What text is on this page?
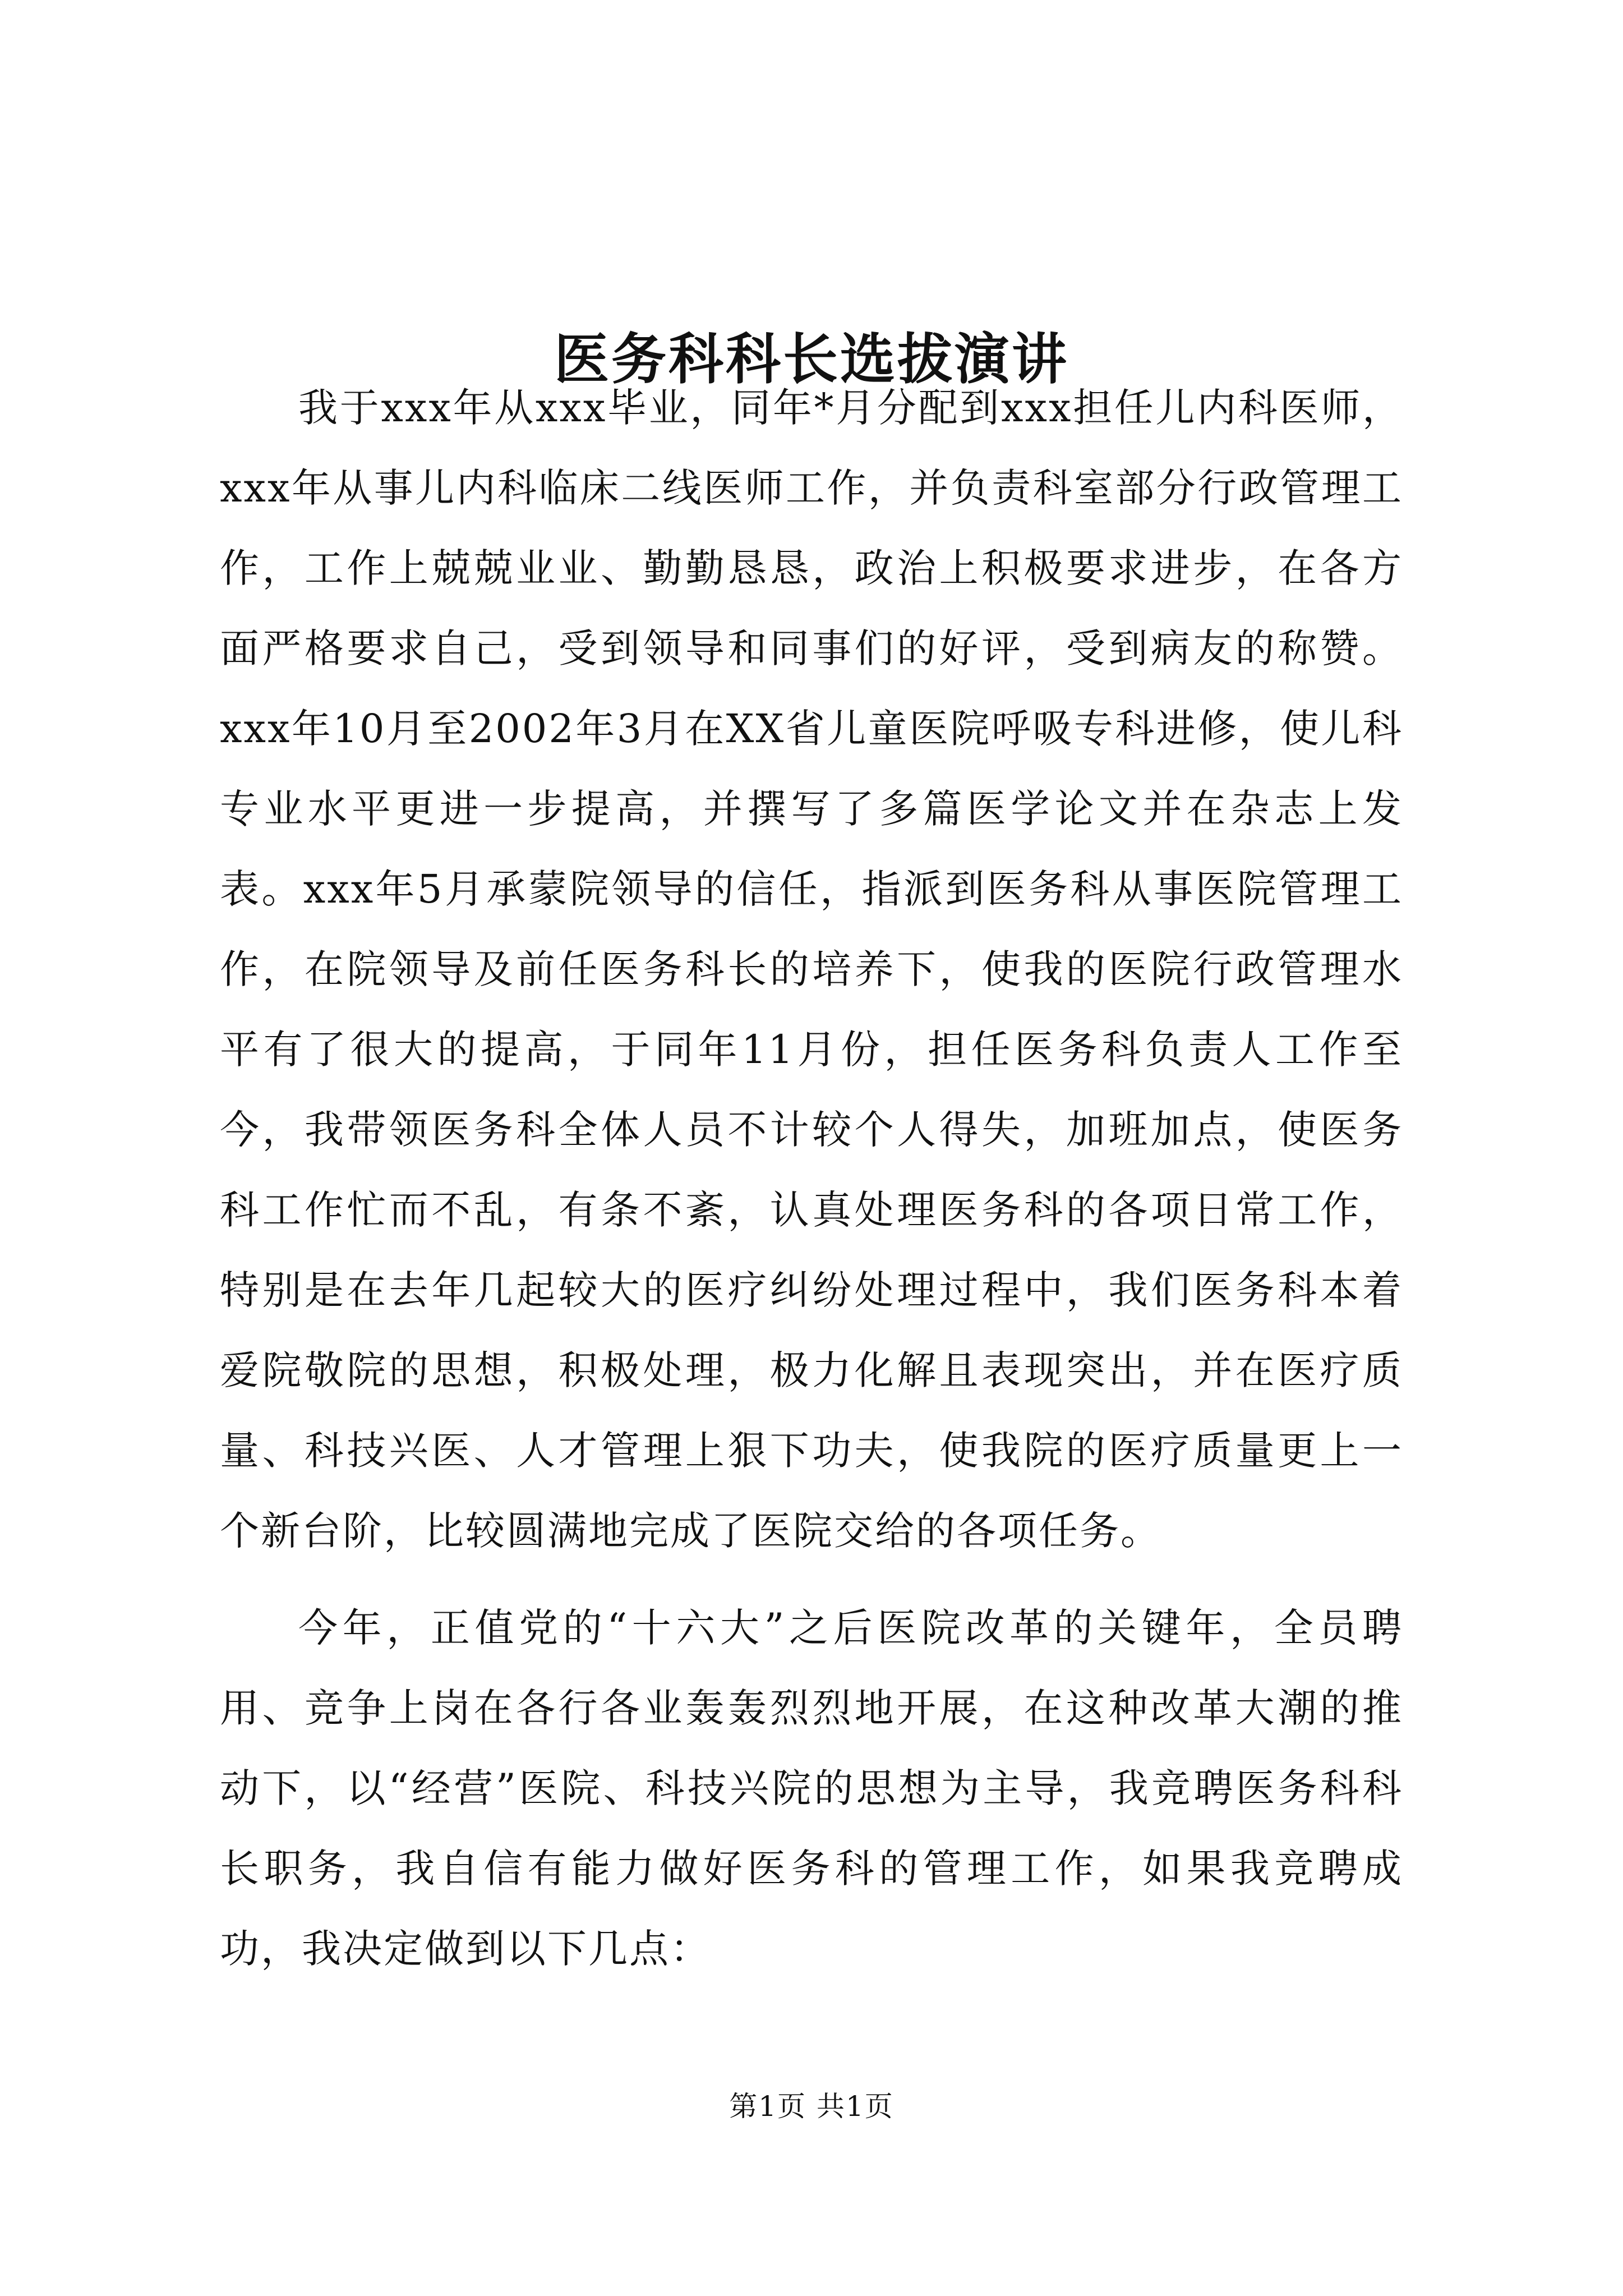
医务科科长选拔演讲

我于xxx年从xxx毕业，同年*月分配到xxx担任儿内科医师，xxx年从事儿内科临床二线医师工作，并负责科室部分行政管理工作，工作上兢兢业业、勤勤恳恳，政治上积极要求进步，在各方面严格要求自己，受到领导和同事们的好评，受到病友的称赞。xxx年10月至2002年3月在XX省儿童医院呼吸专科进修，使儿科专业水平更进一步提高，并撰写了多篇医学论文并在杂志上发表。xxx年5月承蒙院领导的信任，指派到医务科从事医院管理工作，在院领导及前任医务科长的培养下，使我的医院行政管理水平有了很大的提高，于同年11月份，担任医务科负责人工作至今，我带领医务科全体人员不计较个人得失，加班加点，使医务科工作忙而不乱，有条不紊，认真处理医务科的各项日常工作，特别是在去年几起较大的医疗纠纷处理过程中，我们医务科本着爱院敬院的思想，积极处理，极力化解且表现突出，并在医疗质量、科技兴医、人才管理上狠下功夫，使我院的医疗质量更上一个新台阶，比较圆满地完成了医院交给的各项任务。

今年，正值党的“十六大”之后医院改革的关键年，全员聘用、竞争上岗在各行各业轰轰烈烈地开展，在这种改革大潮的推动下，以“经营”医院、科技兴院的思想为主导，我竞聘医务科科长职务，我自信有能力做好医务科的管理工作，如果我竞聘成功，我决定做到以下几点：

第1页 共1页
